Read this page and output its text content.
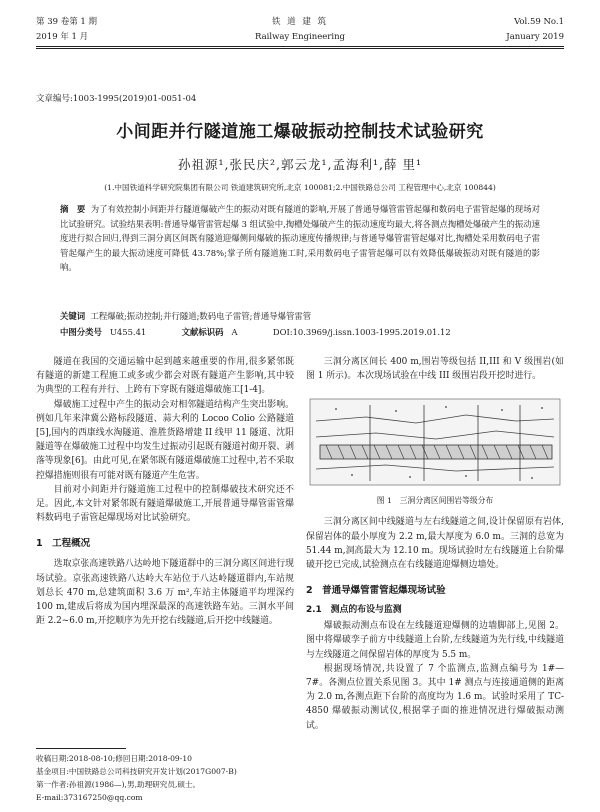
第 39 卷第 1 期
2019 年 1 月
铁 道 建 筑
Railway Engineering
Vol.59 No.1
January 2019
文章编号:1003-1995(2019)01-0051-04
小间距并行隧道施工爆破振动控制技术试验研究
孙祖源¹,张民庆²,郭云龙¹,孟海利¹,薛 里¹
(1.中国铁道科学研究院集团有限公司 铁道建筑研究所,北京 100081;2.中国铁路总公司 工程管理中心,北京 100844)
摘　要 为了有效控制小间距并行隧道爆破产生的振动对既有隧道的影响,开展了普通导爆管雷管起爆和数码电子雷管起爆的现场对比试验研究。试验结果表明:普通导爆管雷管起爆 3 组试验中,掏槽处爆破产生的振动速度均最大,将各测点掏槽处爆破产生的振动速度进行拟合回归,得到三洞分离区间既有隧道迎爆侧间爆破的振动速度传播规律;与普通导爆管雷管起爆对比,掏槽处采用数码电子雷管起爆产生的最大振动速度可降低 43.78%;掌子所有隧道施工时,采用数码电子雷管起爆可以有效降低爆破振动对既有隧道的影响。
关键词 工程爆破;振动控制;并行隧道;数码电子雷管;普通导爆管雷管
中图分类号 U455.41	文献标识码 A	DOI:10.3969/j.issn.1003-1995.2019.01.12

隧道在我国的交通运输中起到越来越重要的作用,很多紧邻既有隧道的新建工程施工或多或少都会对既有隧道产生影响,其中较为典型的工程有并行、上跨有下穿既有隧道爆破施工[1-4]。

爆破施工过程中产生的振动会对相邻隧道结构产生突出影响。例如几年来津冀公路标段隧道、蒜大利的 Locoo Colio 公路隧道[5],国内的西康线水淘隧道、淮胜货路增建 II 线甲 11 隧道、沈阳隧道等在爆破施工过程中均发生过振动引起既有隧道衬砌开裂、剥落等现象[6]。由此可见,在紧邻既有隧道爆破施工过程中,若不采取控爆措施则很有可能对既有隧道产生危害。

目前对小间距并行隧道施工过程中的控制爆破技术研究还不足。因此,本文针对紧邻既有隧道爆破施工,开展普通导爆管雷管爆料数码电子雷管起爆现场对比试验研究。

1　工程概况

选取京张高速铁路八达岭地下隧道群中的三洞分离区间进行现场试验。京张高速铁路八达岭大车站位于八达岭隧道群内,车站规划总长 470 m,总建筑面积 3.6 万 m²,车站主体隧道平均埋深约 100 m,建成后将成为国内埋深最深的高速铁路车站。三洞水平间距 2.2~6.0 m,开挖顺序为先开挖右线隧道,后开挖中线隧道。

收稿日期:2018-08-10;修回日期:2018-09-10
基金项目:中国铁路总公司科技研究开发计划(2017G007-B)
第一作者:孙祖源(1986—),男,助理研究员,硕士。
E-mail:373167250@qq.com

三洞分离区间长 400 m,围岩等级包括 II,III 和 V 级围岩(如图 1 所示)。本次现场试验在中线 III 级围岩段开挖时进行。

图 1　三洞分离区间围岩等级分布

三洞分离区间中线隧道与左右线隧道之间,设计保留原有岩体,保留岩体的最小厚度为 2.2 m,最大厚度为 6.0 m。三洞的总宽为 51.44 m,洞高最大为 12.10 m。现场试验时左右线隧道上台阶爆破开挖已完成,试验测点在右线隧道迎爆侧边墙处。

2　普通导爆管雷管起爆现场试验
2.1　测点的布设与监测

爆破振动测点布设在左线隧道迎爆侧的边墙脚部上,见图 2。图中将爆破孪子前方中线隧道上台阶,左线隧道为先行线,中线隧道与左线隧道之间保留岩体的厚度为 5.5 m。

根据现场情况,共设置了 7 个监测点,监测点编号为 1#—7#。各测点位置关系见图 3。其中 1# 测点与连接通道侧的距离为 2.0 m,各测点距下台阶的高度均为 1.6 m。试验时采用了 TC-4850 爆破振动测试仪,根据掌子面的推进情况进行爆破振动测试。
